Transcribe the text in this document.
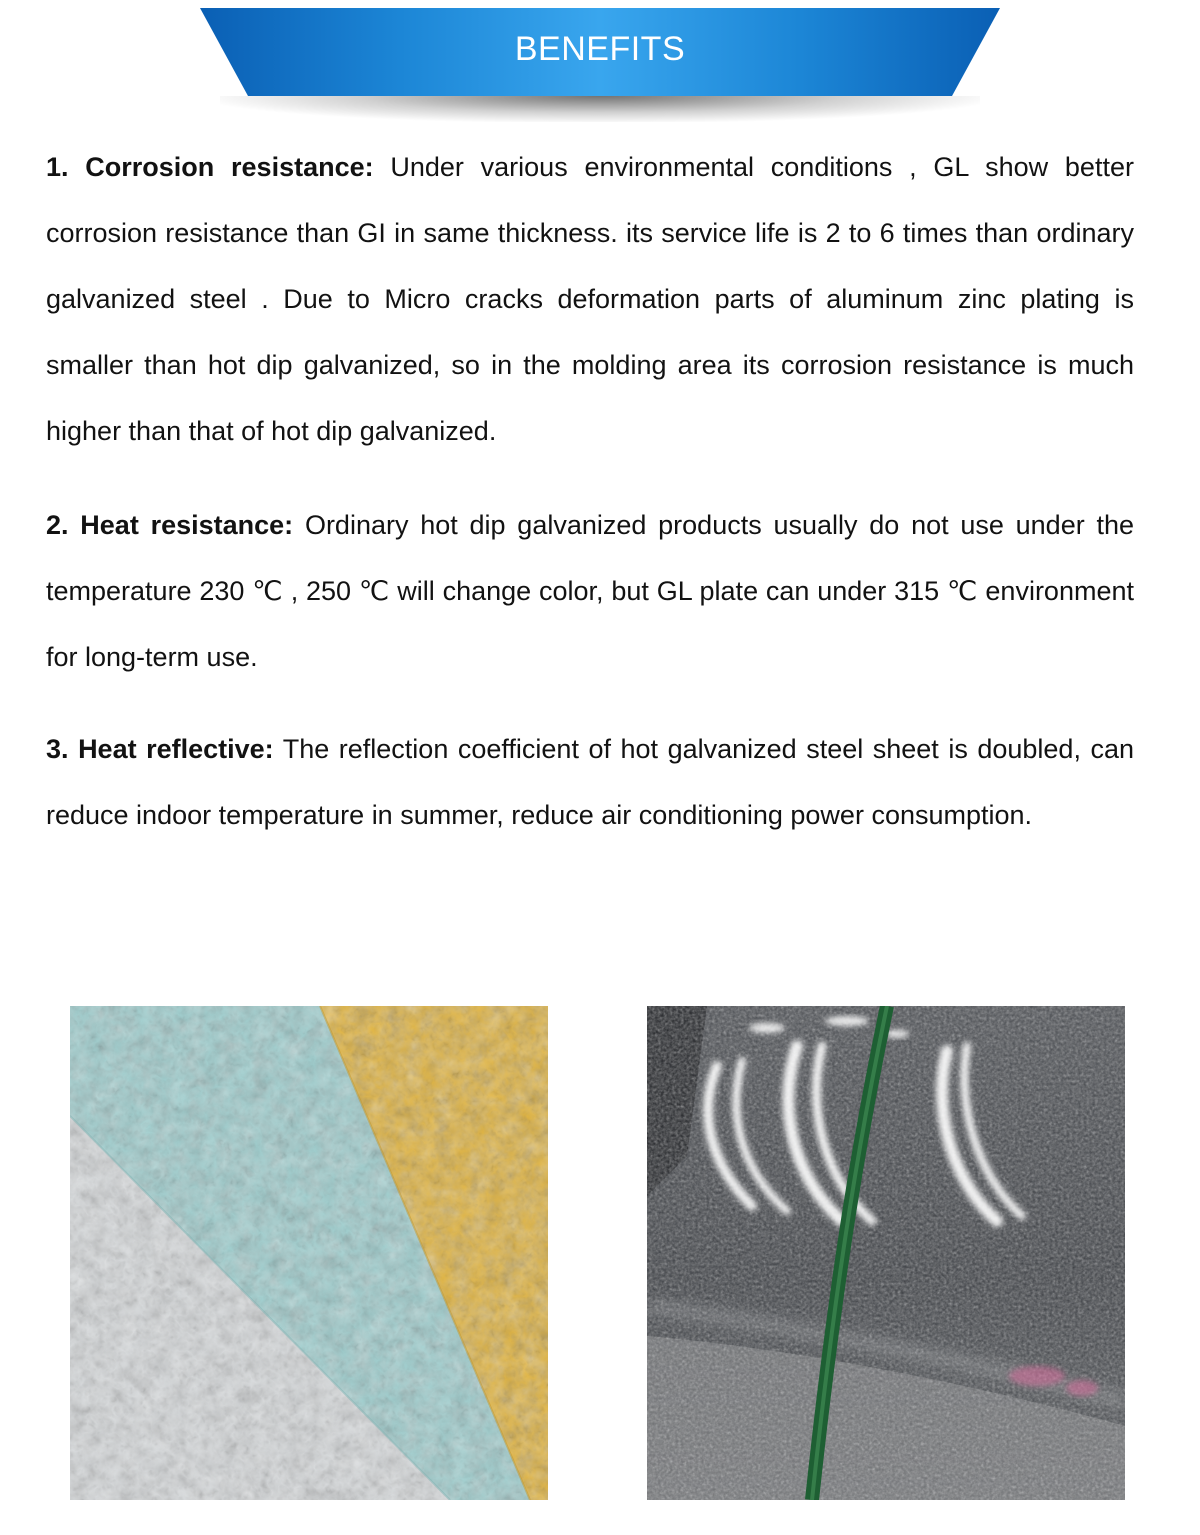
BENEFITS

1. Corrosion resistance: Under various environmental conditions , GL show better corrosion resistance than GI in same thickness. its service life is 2 to 6 times than ordinary galvanized steel . Due to Micro cracks deformation parts of aluminum zinc plating is smaller than hot dip galvanized, so in the molding area its corrosion resistance is much higher than that of hot dip galvanized.

2. Heat resistance: Ordinary hot dip galvanized products usually do not use under the temperature 230 ℃ , 250 ℃ will change color, but GL plate can under 315 ℃ environment for long-term use.

3. Heat reflective: The reflection coefficient of hot galvanized steel sheet is doubled, can reduce indoor temperature in summer, reduce air conditioning power consumption.
